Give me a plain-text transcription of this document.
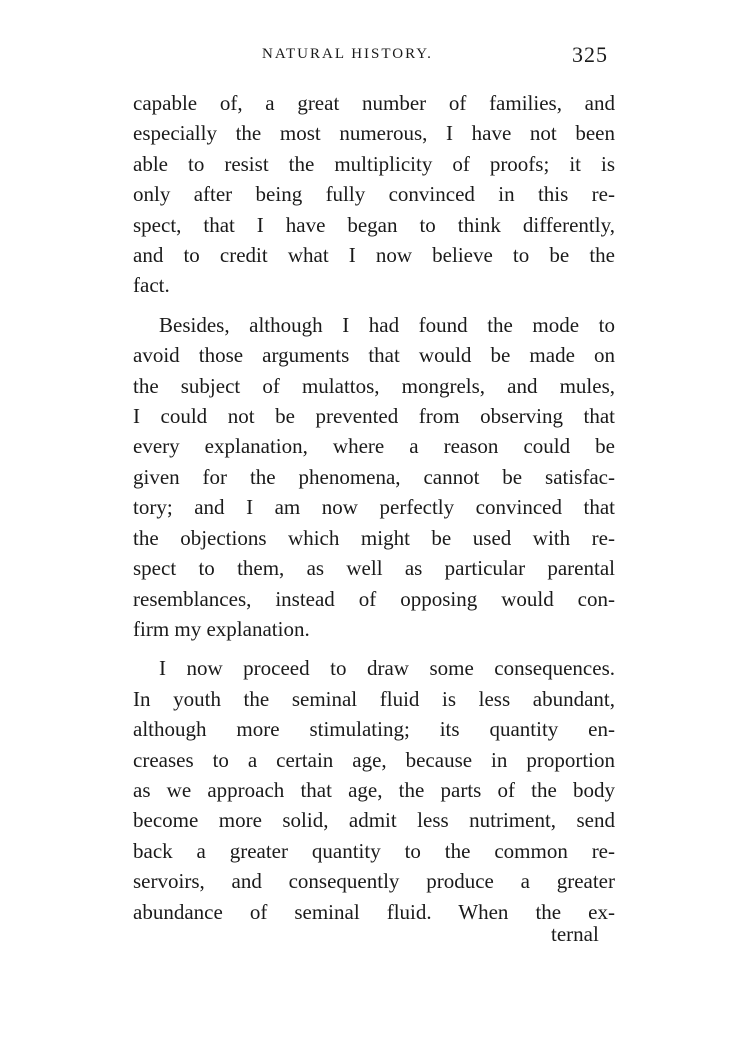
NATURAL HISTORY.	325

capable of, a great number of families, and
especially the most numerous, I have not been
able to resist the multiplicity of proofs; it is
only after being fully convinced in this re-
spect, that I have began to think differently,
and to credit what I now believe to be the
fact.

Besides, although I had found the mode to
avoid those arguments that would be made on
the subject of mulattos, mongrels, and mules,
I could not be prevented from observing that
every explanation, where a reason could be
given for the phenomena, cannot be satisfac-
tory; and I am now perfectly convinced that
the objections which might be used with re-
spect to them, as well as particular parental
resemblances, instead of opposing would con-
firm my explanation.

I now proceed to draw some consequences.
In youth the seminal fluid is less abundant,
although more stimulating; its quantity en-
creases to a certain age, because in proportion
as we approach that age, the parts of the body
become more solid, admit less nutriment, send
back a greater quantity to the common re-
servoirs, and consequently produce a greater
abundance of seminal fluid. When the ex-

ternal
